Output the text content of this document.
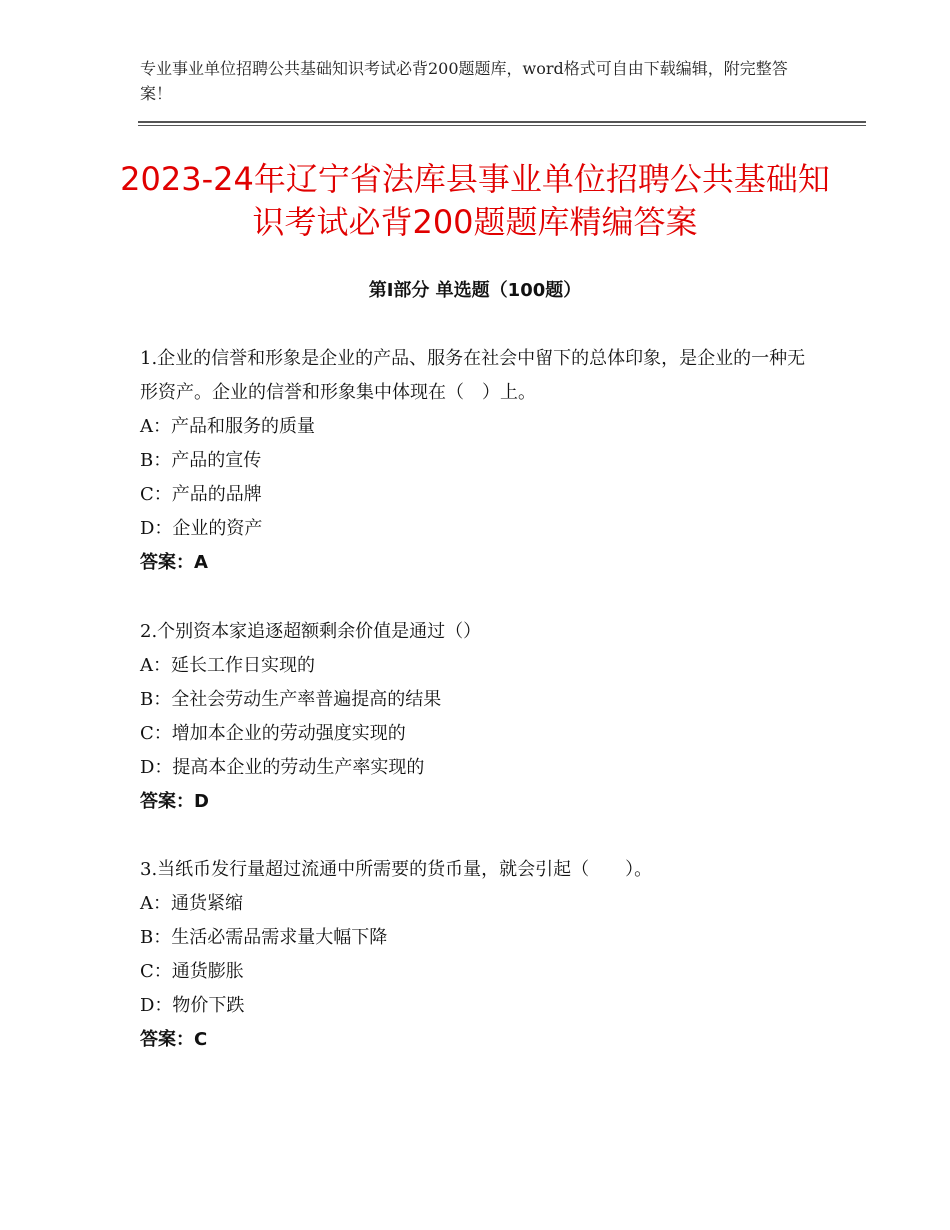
专业事业单位招聘公共基础知识考试必背200题题库，word格式可自由下载编辑，附完整答案！
2023-24年辽宁省法库县事业单位招聘公共基础知识考试必背200题题库精编答案
第Ⅰ部分 单选题（100题）
1.企业的信誉和形象是企业的产品、服务在社会中留下的总体印象，是企业的一种无形资产。企业的信誉和形象集中体现在（　）上。
A：产品和服务的质量
B：产品的宣传
C：产品的品牌
D：企业的资产
答案：A
2.个别资本家追逐超额剩余价值是通过（）
A：延长工作日实现的
B：全社会劳动生产率普遍提高的结果
C：增加本企业的劳动强度实现的
D：提高本企业的劳动生产率实现的
答案：D
3.当纸币发行量超过流通中所需要的货币量，就会引起（　　）。
A：通货紧缩
B：生活必需品需求量大幅下降
C：通货膨胀
D：物价下跌
答案：C
